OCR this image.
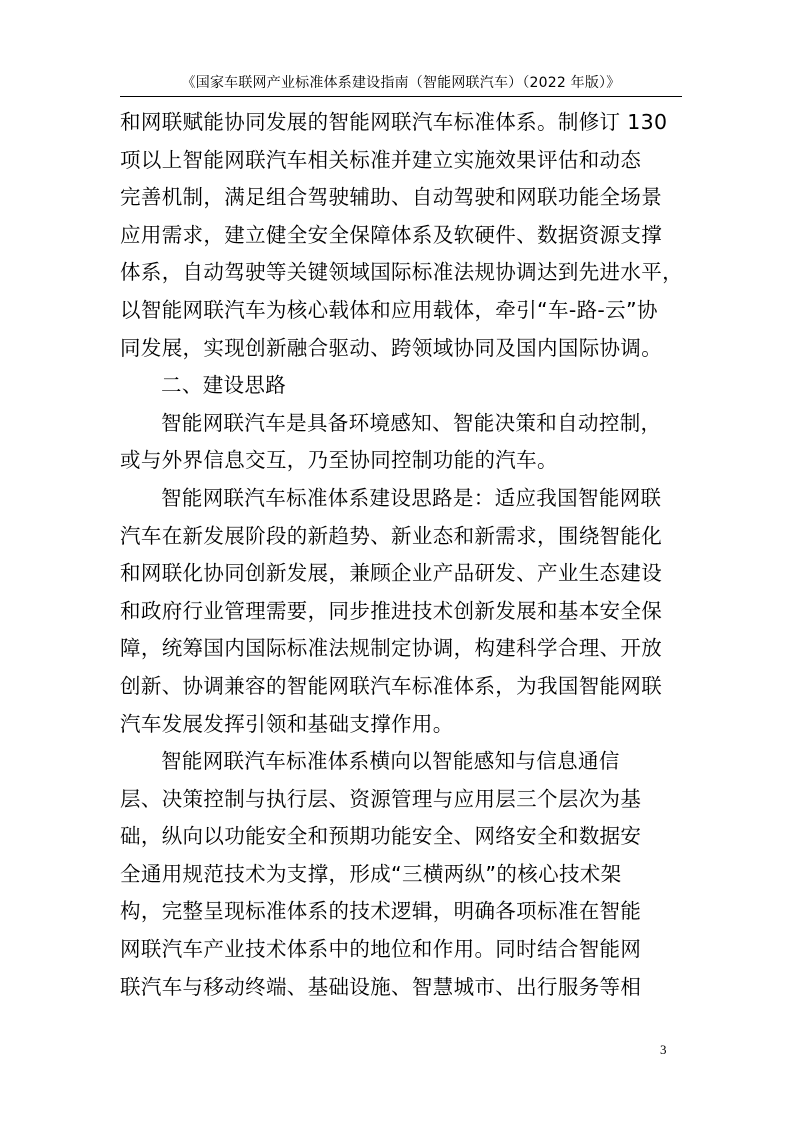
《国家车联网产业标准体系建设指南（智能网联汽车）（2022 年版）》
和网联赋能协同发展的智能网联汽车标准体系。制修订 130
项以上智能网联汽车相关标准并建立实施效果评估和动态
完善机制，满足组合驾驶辅助、自动驾驶和网联功能全场景
应用需求，建立健全安全保障体系及软硬件、数据资源支撑
体系，自动驾驶等关键领域国际标准法规协调达到先进水平，
以智能网联汽车为核心载体和应用载体，牵引“车-路-云”协
同发展，实现创新融合驱动、跨领域协同及国内国际协调。
二、建设思路
智能网联汽车是具备环境感知、智能决策和自动控制，
或与外界信息交互，乃至协同控制功能的汽车。
智能网联汽车标准体系建设思路是：适应我国智能网联
汽车在新发展阶段的新趋势、新业态和新需求，围绕智能化
和网联化协同创新发展，兼顾企业产品研发、产业生态建设
和政府行业管理需要，同步推进技术创新发展和基本安全保
障，统筹国内国际标准法规制定协调，构建科学合理、开放
创新、协调兼容的智能网联汽车标准体系，为我国智能网联
汽车发展发挥引领和基础支撑作用。
智能网联汽车标准体系横向以智能感知与信息通信
层、决策控制与执行层、资源管理与应用层三个层次为基
础，纵向以功能安全和预期功能安全、网络安全和数据安
全通用规范技术为支撑，形成“三横两纵”的核心技术架
构，完整呈现标准体系的技术逻辑，明确各项标准在智能
网联汽车产业技术体系中的地位和作用。同时结合智能网
联汽车与移动终端、基础设施、智慧城市、出行服务等相
3
